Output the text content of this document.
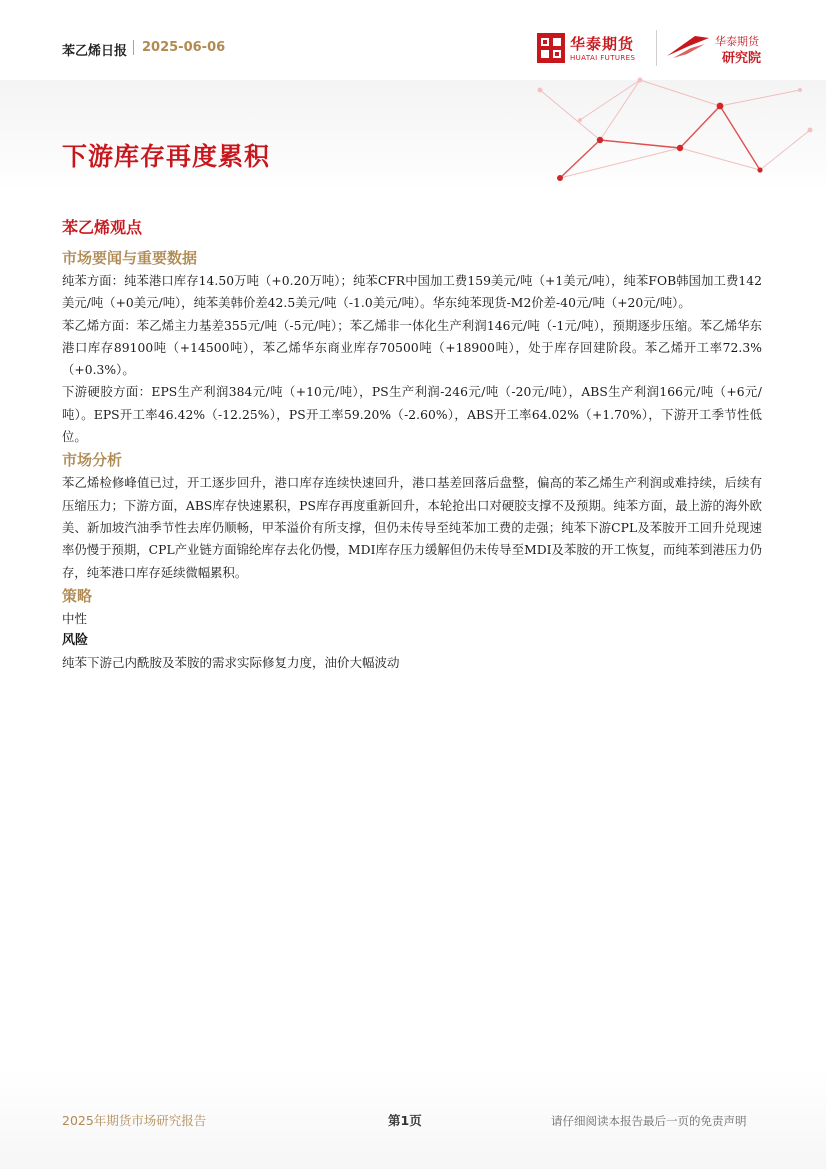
苯乙烯日报 2025-06-06	华泰期货
HUATAI FUTURES
华泰期货
研究院
下游库存再度累积
苯乙烯观点
市场要闻与重要数据

纯苯方面：纯苯港口库存14.50万吨（+0.20万吨）；纯苯CFR中国加工费159美元/吨（+1美元/吨），纯苯FOB韩国加工费142美元/吨（+0美元/吨），纯苯美韩价差42.5美元/吨（-1.0美元/吨）。华东纯苯现货-M2价差-40元/吨（+20元/吨）。

苯乙烯方面：苯乙烯主力基差355元/吨（-5元/吨）；苯乙烯非一体化生产利润146元/吨（-1元/吨），预期逐步压缩。苯乙烯华东港口库存89100吨（+14500吨），苯乙烯华东商业库存70500吨（+18900吨），处于库存回建阶段。苯乙烯开工率72.3%（+0.3%）。

下游硬胶方面：EPS生产利润384元/吨（+10元/吨），PS生产利润-246元/吨（-20元/吨），ABS生产利润166元/吨（+6元/吨）。EPS开工率46.42%（-12.25%），PS开工率59.20%（-2.60%），ABS开工率64.02%（+1.70%），下游开工季节性低位。

市场分析

苯乙烯检修峰值已过，开工逐步回升，港口库存连续快速回升，港口基差回落后盘整，偏高的苯乙烯生产利润或难持续，后续有压缩压力；下游方面，ABS库存快速累积，PS库存再度重新回升，本轮抢出口对硬胶支撑不及预期。纯苯方面，最上游的海外欧美、新加坡汽油季节性去库仍顺畅，甲苯溢价有所支撑，但仍未传导至纯苯加工费的走强；纯苯下游CPL及苯胺开工回升兑现速率仍慢于预期，CPL产业链方面锦纶库存去化仍慢，MDI库存压力缓解但仍未传导至MDI及苯胺的开工恢复，而纯苯到港压力仍存，纯苯港口库存延续微幅累积。

策略
中性
风险
纯苯下游己内酰胺及苯胺的需求实际修复力度，油价大幅波动
2025年期货市场研究报告	第1页	请仔细阅读本报告最后一页的免责声明
